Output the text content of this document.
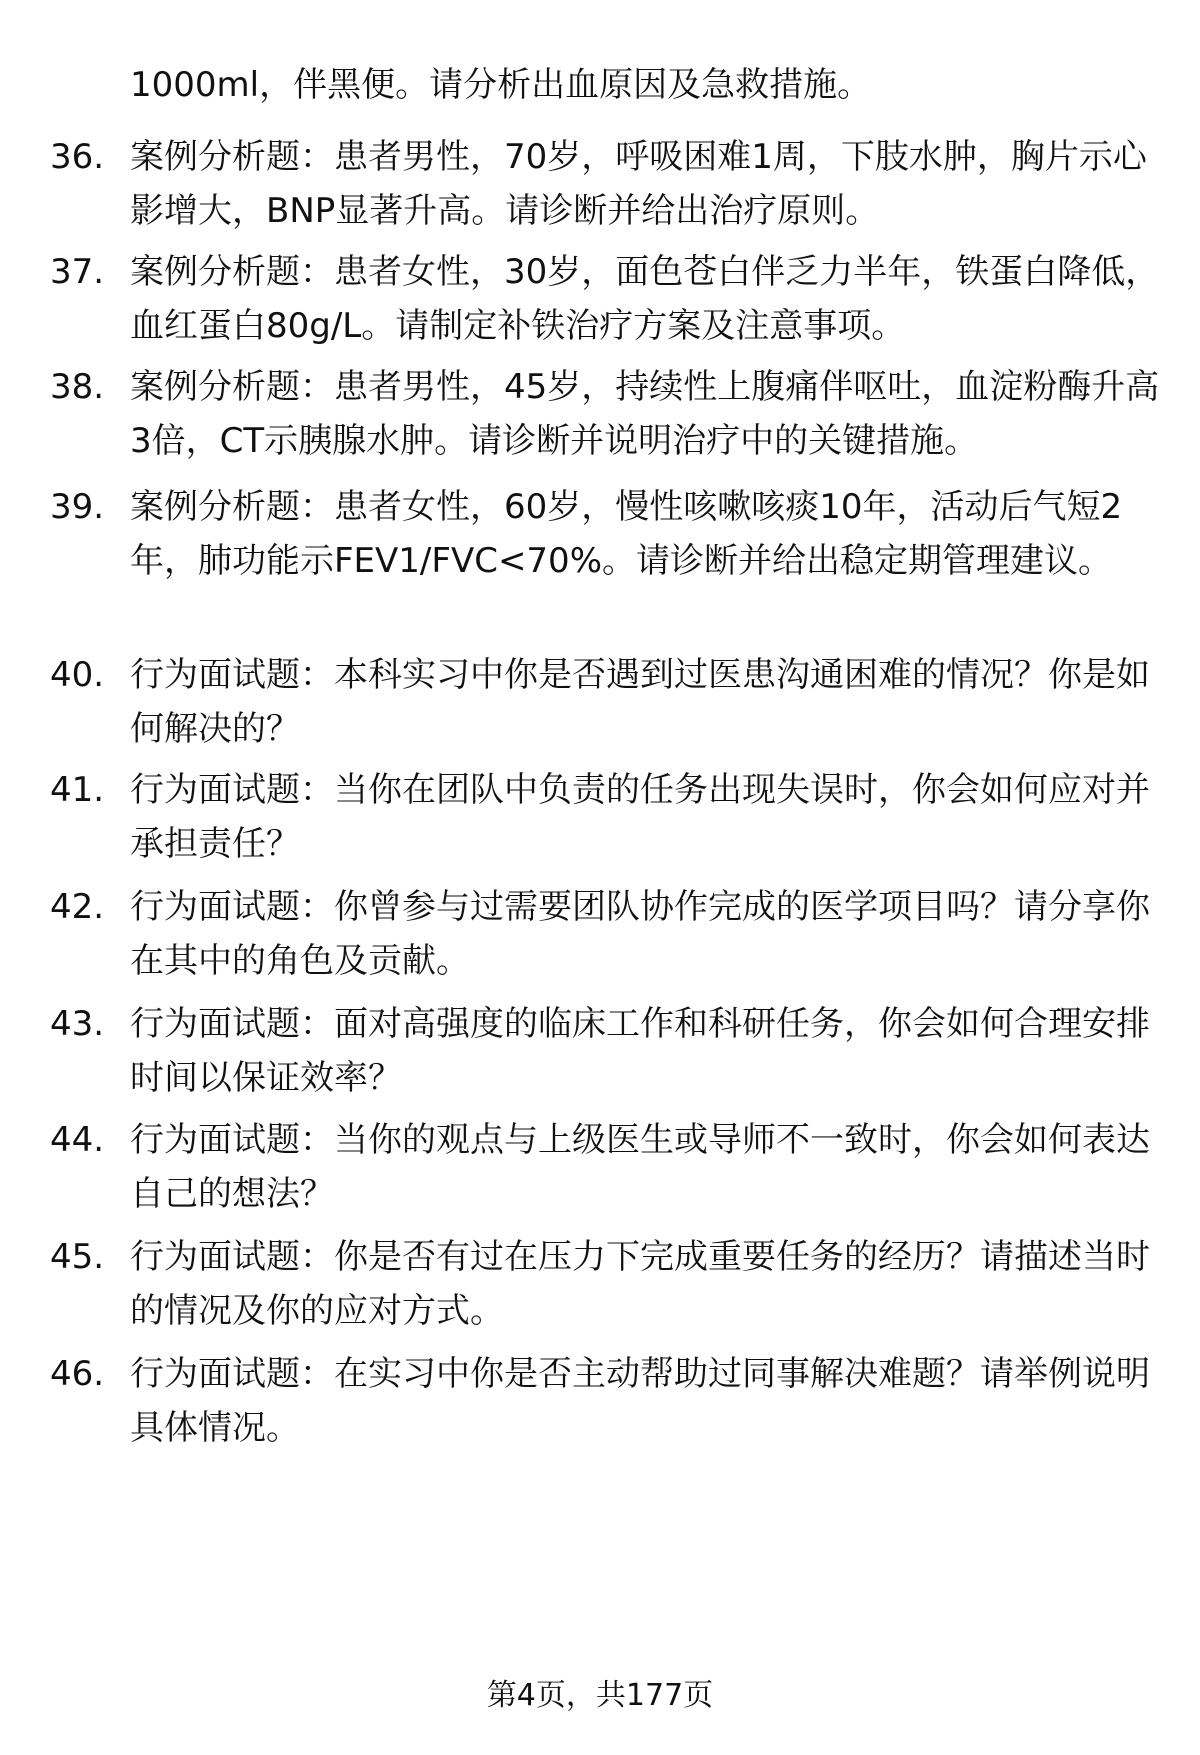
1000ml，伴黑便。请分析出血原因及急救措施。
36. 案例分析题：患者男性，70岁，呼吸困难1周，下肢水肿，胸片示心影增大，BNP显著升高。请诊断并给出治疗原则。
37. 案例分析题：患者女性，30岁，面色苍白伴乏力半年，铁蛋白降低，血红蛋白80g/L。请制定补铁治疗方案及注意事项。
38. 案例分析题：患者男性，45岁，持续性上腹痛伴呕吐，血淀粉酶升高3倍，CT示胰腺水肿。请诊断并说明治疗中的关键措施。
39. 案例分析题：患者女性，60岁，慢性咳嗽咳痰10年，活动后气短2年，肺功能示FEV1/FVC<70%。请诊断并给出稳定期管理建议。
40. 行为面试题：本科实习中你是否遇到过医患沟通困难的情况？你是如何解决的？
41. 行为面试题：当你在团队中负责的任务出现失误时，你会如何应对并承担责任？
42. 行为面试题：你曾参与过需要团队协作完成的医学项目吗？请分享你在其中的角色及贡献。
43. 行为面试题：面对高强度的临床工作和科研任务，你会如何合理安排时间以保证效率？
44. 行为面试题：当你的观点与上级医生或导师不一致时，你会如何表达自己的想法？
45. 行为面试题：你是否有过在压力下完成重要任务的经历？请描述当时的情况及你的应对方式。
46. 行为面试题：在实习中你是否主动帮助过同事解决难题？请举例说明具体情况。
第4页，共177页
